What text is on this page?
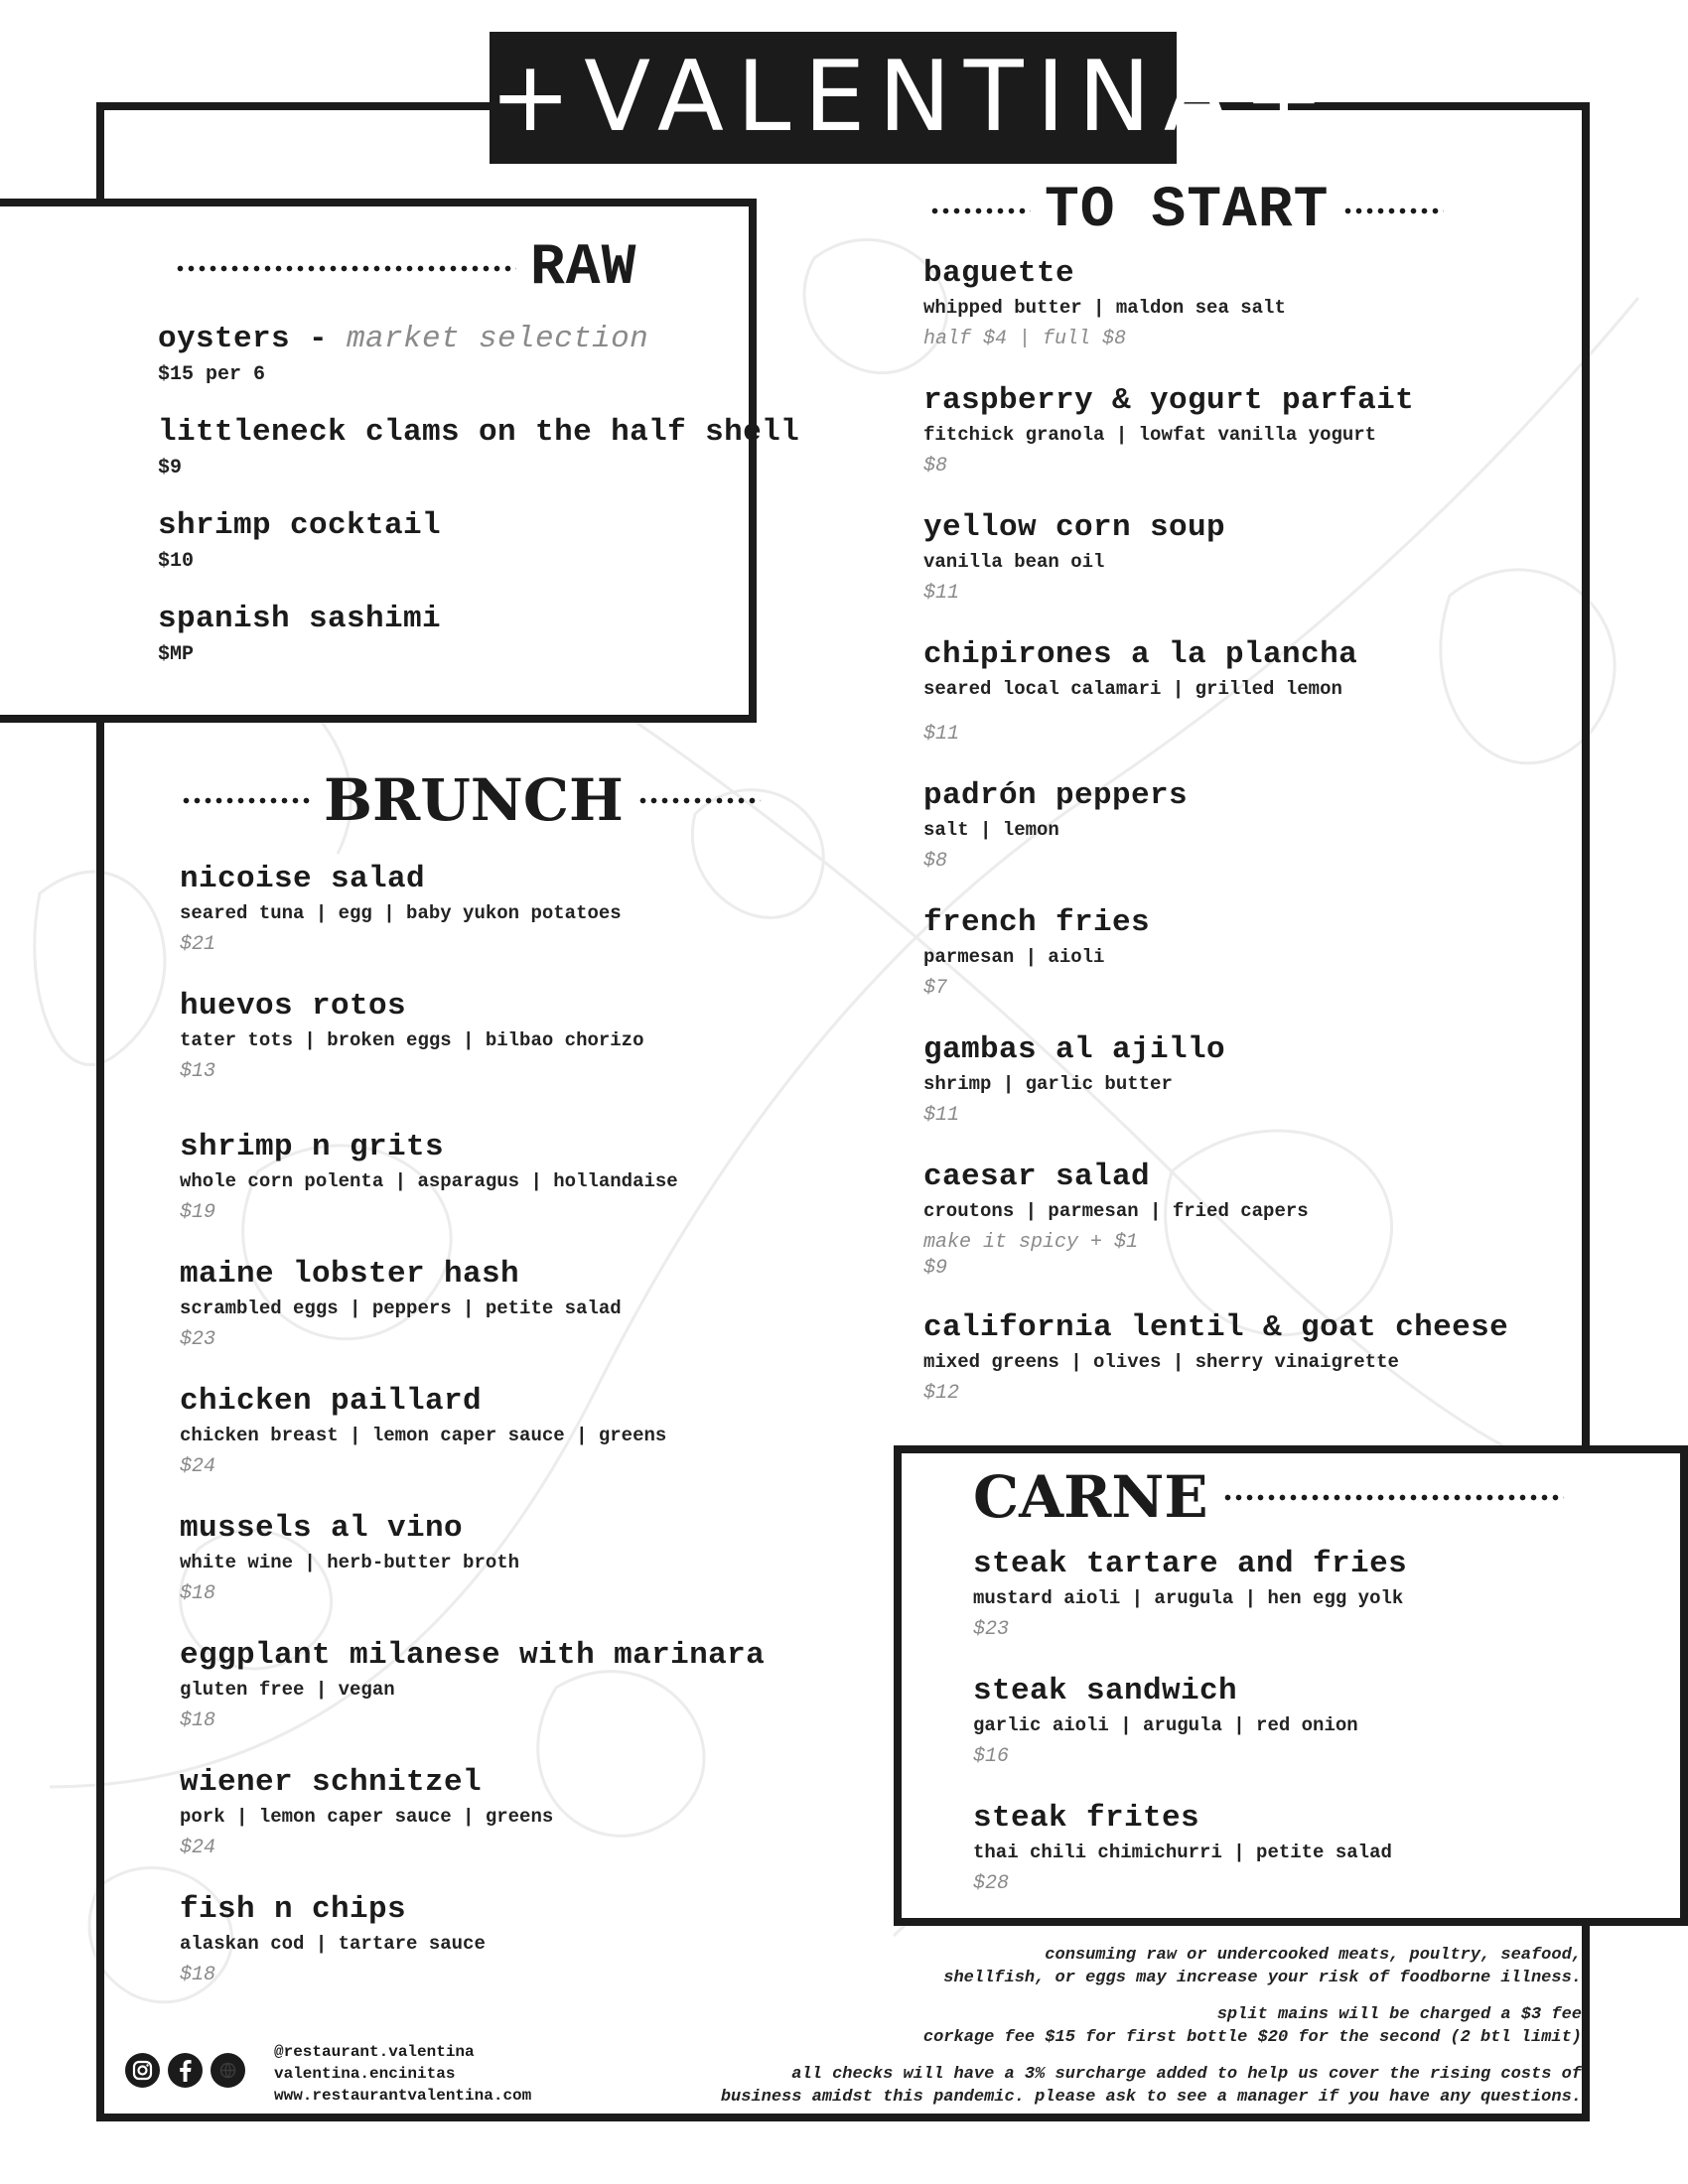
+VALENTINA+
RAW
oysters - market selection
$15 per 6
littleneck clams on the half shell
$9
shrimp cocktail
$10
spanish sashimi
$MP
TO START
baguette
whipped butter | maldon sea salt
half $4 | full $8
raspberry & yogurt parfait
fitchick granola | lowfat vanilla yogurt
$8
yellow corn soup
vanilla bean oil
$11
chipirones a la plancha
seared local calamari | grilled lemon
$11
padrón peppers
salt | lemon
$8
french fries
parmesan | aioli
$7
gambas al ajillo
shrimp | garlic butter
$11
caesar salad
croutons | parmesan | fried capers
make it spicy + $1
$9
california lentil & goat cheese
mixed greens | olives | sherry vinaigrette
$12
BRUNCH
nicoise salad
seared tuna | egg | baby yukon potatoes
$21
huevos rotos
tater tots | broken eggs | bilbao chorizo
$13
shrimp n grits
whole corn polenta | asparagus | hollandaise
$19
maine lobster hash
scrambled eggs | peppers | petite salad
$23
chicken paillard
chicken breast | lemon caper sauce | greens
$24
mussels al vino
white wine | herb-butter broth
$18
eggplant milanese with marinara
gluten free | vegan
$18
wiener schnitzel
pork | lemon caper sauce | greens
$24
fish n chips
alaskan cod | tartare sauce
$18
CARNE
steak tartare and fries
mustard aioli | arugula | hen egg yolk
$23
steak sandwich
garlic aioli | arugula | red onion
$16
steak frites
thai chili chimichurri | petite salad
$28
consuming raw or undercooked meats, poultry, seafood,
shellfish, or eggs may increase your risk of foodborne illness.
split mains will be charged a $3 fee
corkage fee $15 for first bottle $20 for the second (2 btl limit)
all checks will have a 3% surcharge added to help us cover the rising costs of
business amidst this pandemic. please ask to see a manager if you have any questions.
@restaurant.valentina
valentina.encinitas
www.restaurantvalentina.com
